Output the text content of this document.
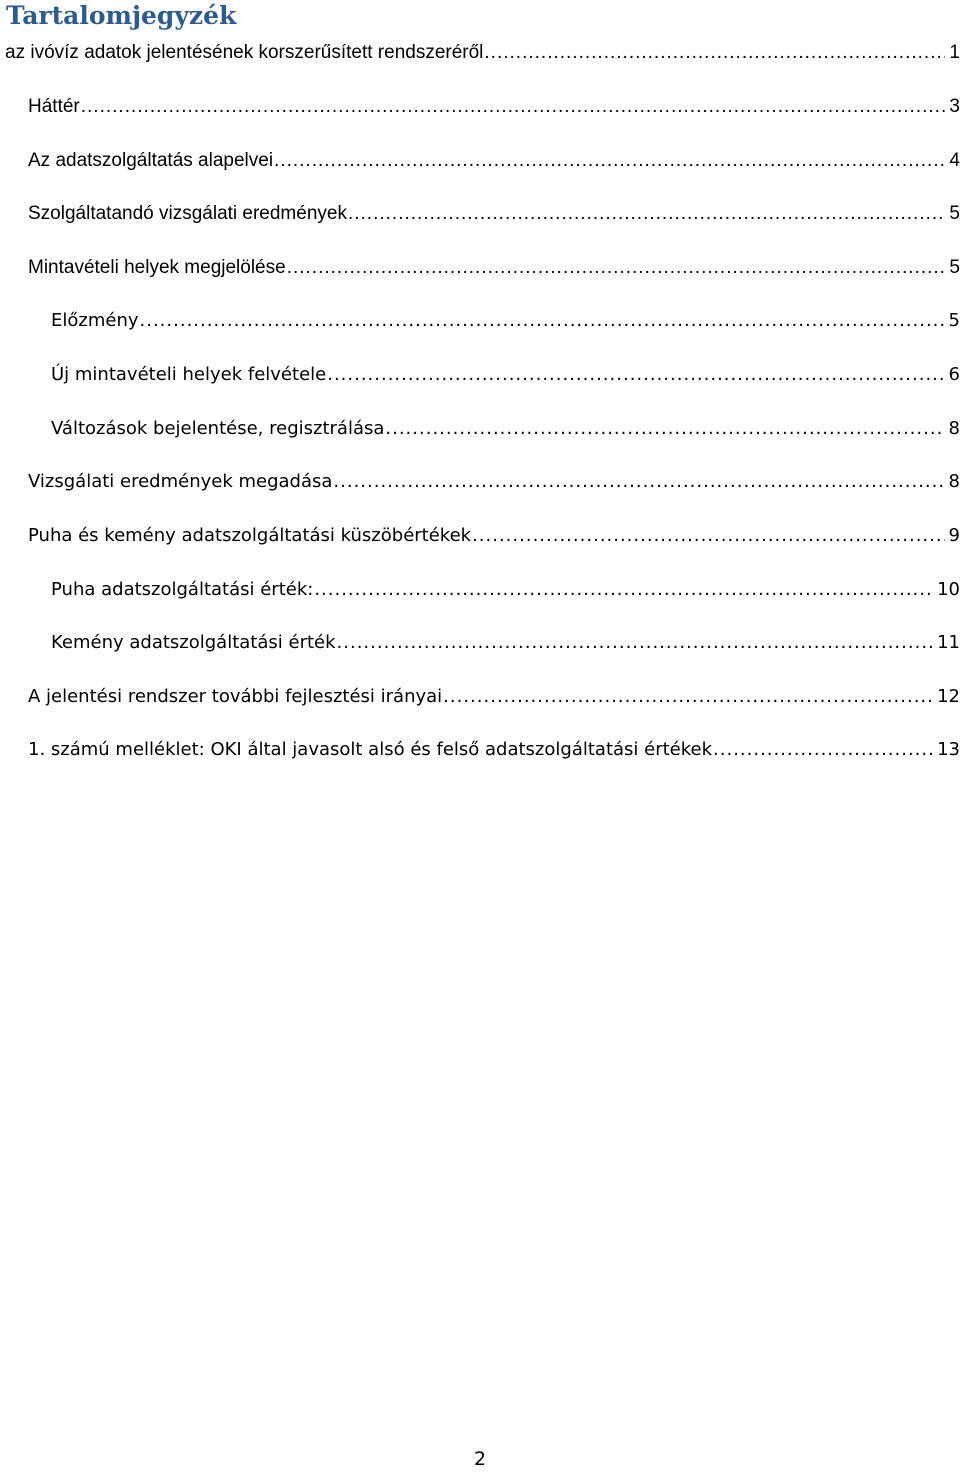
Tartalomjegyzék
az ivóvíz adatok jelentésének korszerűsített rendszeréről .....	1
Háttér .....	3
Az adatszolgáltatás alapelvei .....	4
Szolgáltatandó vizsgálati eredmények .....	5
Mintavételi helyek megjelölése .....	5
Előzmény .....	5
Új mintavételi helyek felvétele .....	6
Változások bejelentése, regisztrálása .....	8
Vizsgálati eredmények megadása .....	8
Puha és kemény adatszolgáltatási küszöbértékek .....	9
Puha adatszolgáltatási érték: .....	10
Kemény adatszolgáltatási érték .....	11
A jelentési rendszer további fejlesztési irányai .....	12
1. számú melléklet: OKI által javasolt alsó és felső adatszolgáltatási értékek .....	13
2
